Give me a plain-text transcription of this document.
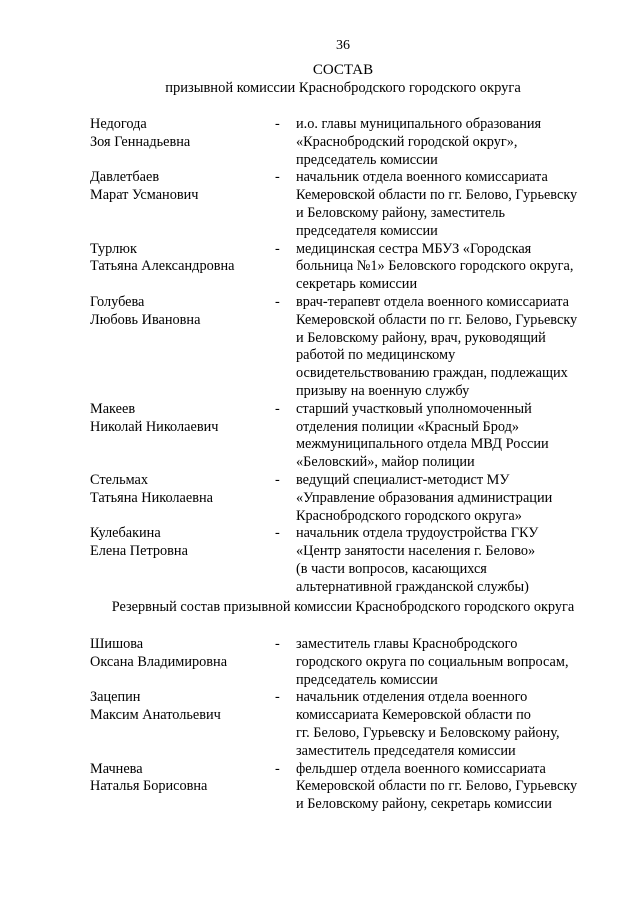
36
СОСТАВ
призывной комиссии Краснобродского городского округа
Недогода
Зоя Геннадьевна
-	и.о. главы муниципального образования
«Краснобродский городской округ»,
председатель комиссии
Давлетбаев
Марат Усманович
-	начальник отдела военного комиссариата
Кемеровской области по гг. Белово, Гурьевску
и Беловскому району, заместитель
председателя комиссии
Турлюк
Татьяна Александровна
-	медицинская сестра МБУЗ «Городская
больница №1» Беловского городского округа,
секретарь комиссии
Голубева
Любовь Ивановна
-	врач-терапевт отдела военного комиссариата
Кемеровской области по гг. Белово, Гурьевску
и Беловскому району, врач, руководящий
работой по медицинскому
освидетельствованию граждан, подлежащих
призыву на военную службу
Макеев
Николай Николаевич
-	старший участковый уполномоченный
отделения полиции «Красный Брод»
межмуниципального отдела МВД России
«Беловский», майор полиции
Стельмах
Татьяна Николаевна
-	ведущий специалист-методист МУ
«Управление образования администрации
Краснобродского городского округа»
Кулебакина
Елена Петровна
-	начальник отдела трудоустройства ГКУ
«Центр занятости населения г. Белово»
(в части вопросов, касающихся
альтернативной гражданской службы)
Резервный состав призывной комиссии Краснобродского городского округа
Шишова
Оксана Владимировна
-	заместитель главы Краснобродского
городского округа по социальным вопросам,
председатель комиссии
Зацепин
Максим Анатольевич
-	начальник отделения отдела военного
комиссариата Кемеровской области по
гг. Белово, Гурьевску и Беловскому району,
заместитель председателя комиссии
Мачнева
Наталья Борисовна
-	фельдшер отдела военного комиссариата
Кемеровской области по гг. Белово, Гурьевску
и Беловскому району, секретарь комиссии
